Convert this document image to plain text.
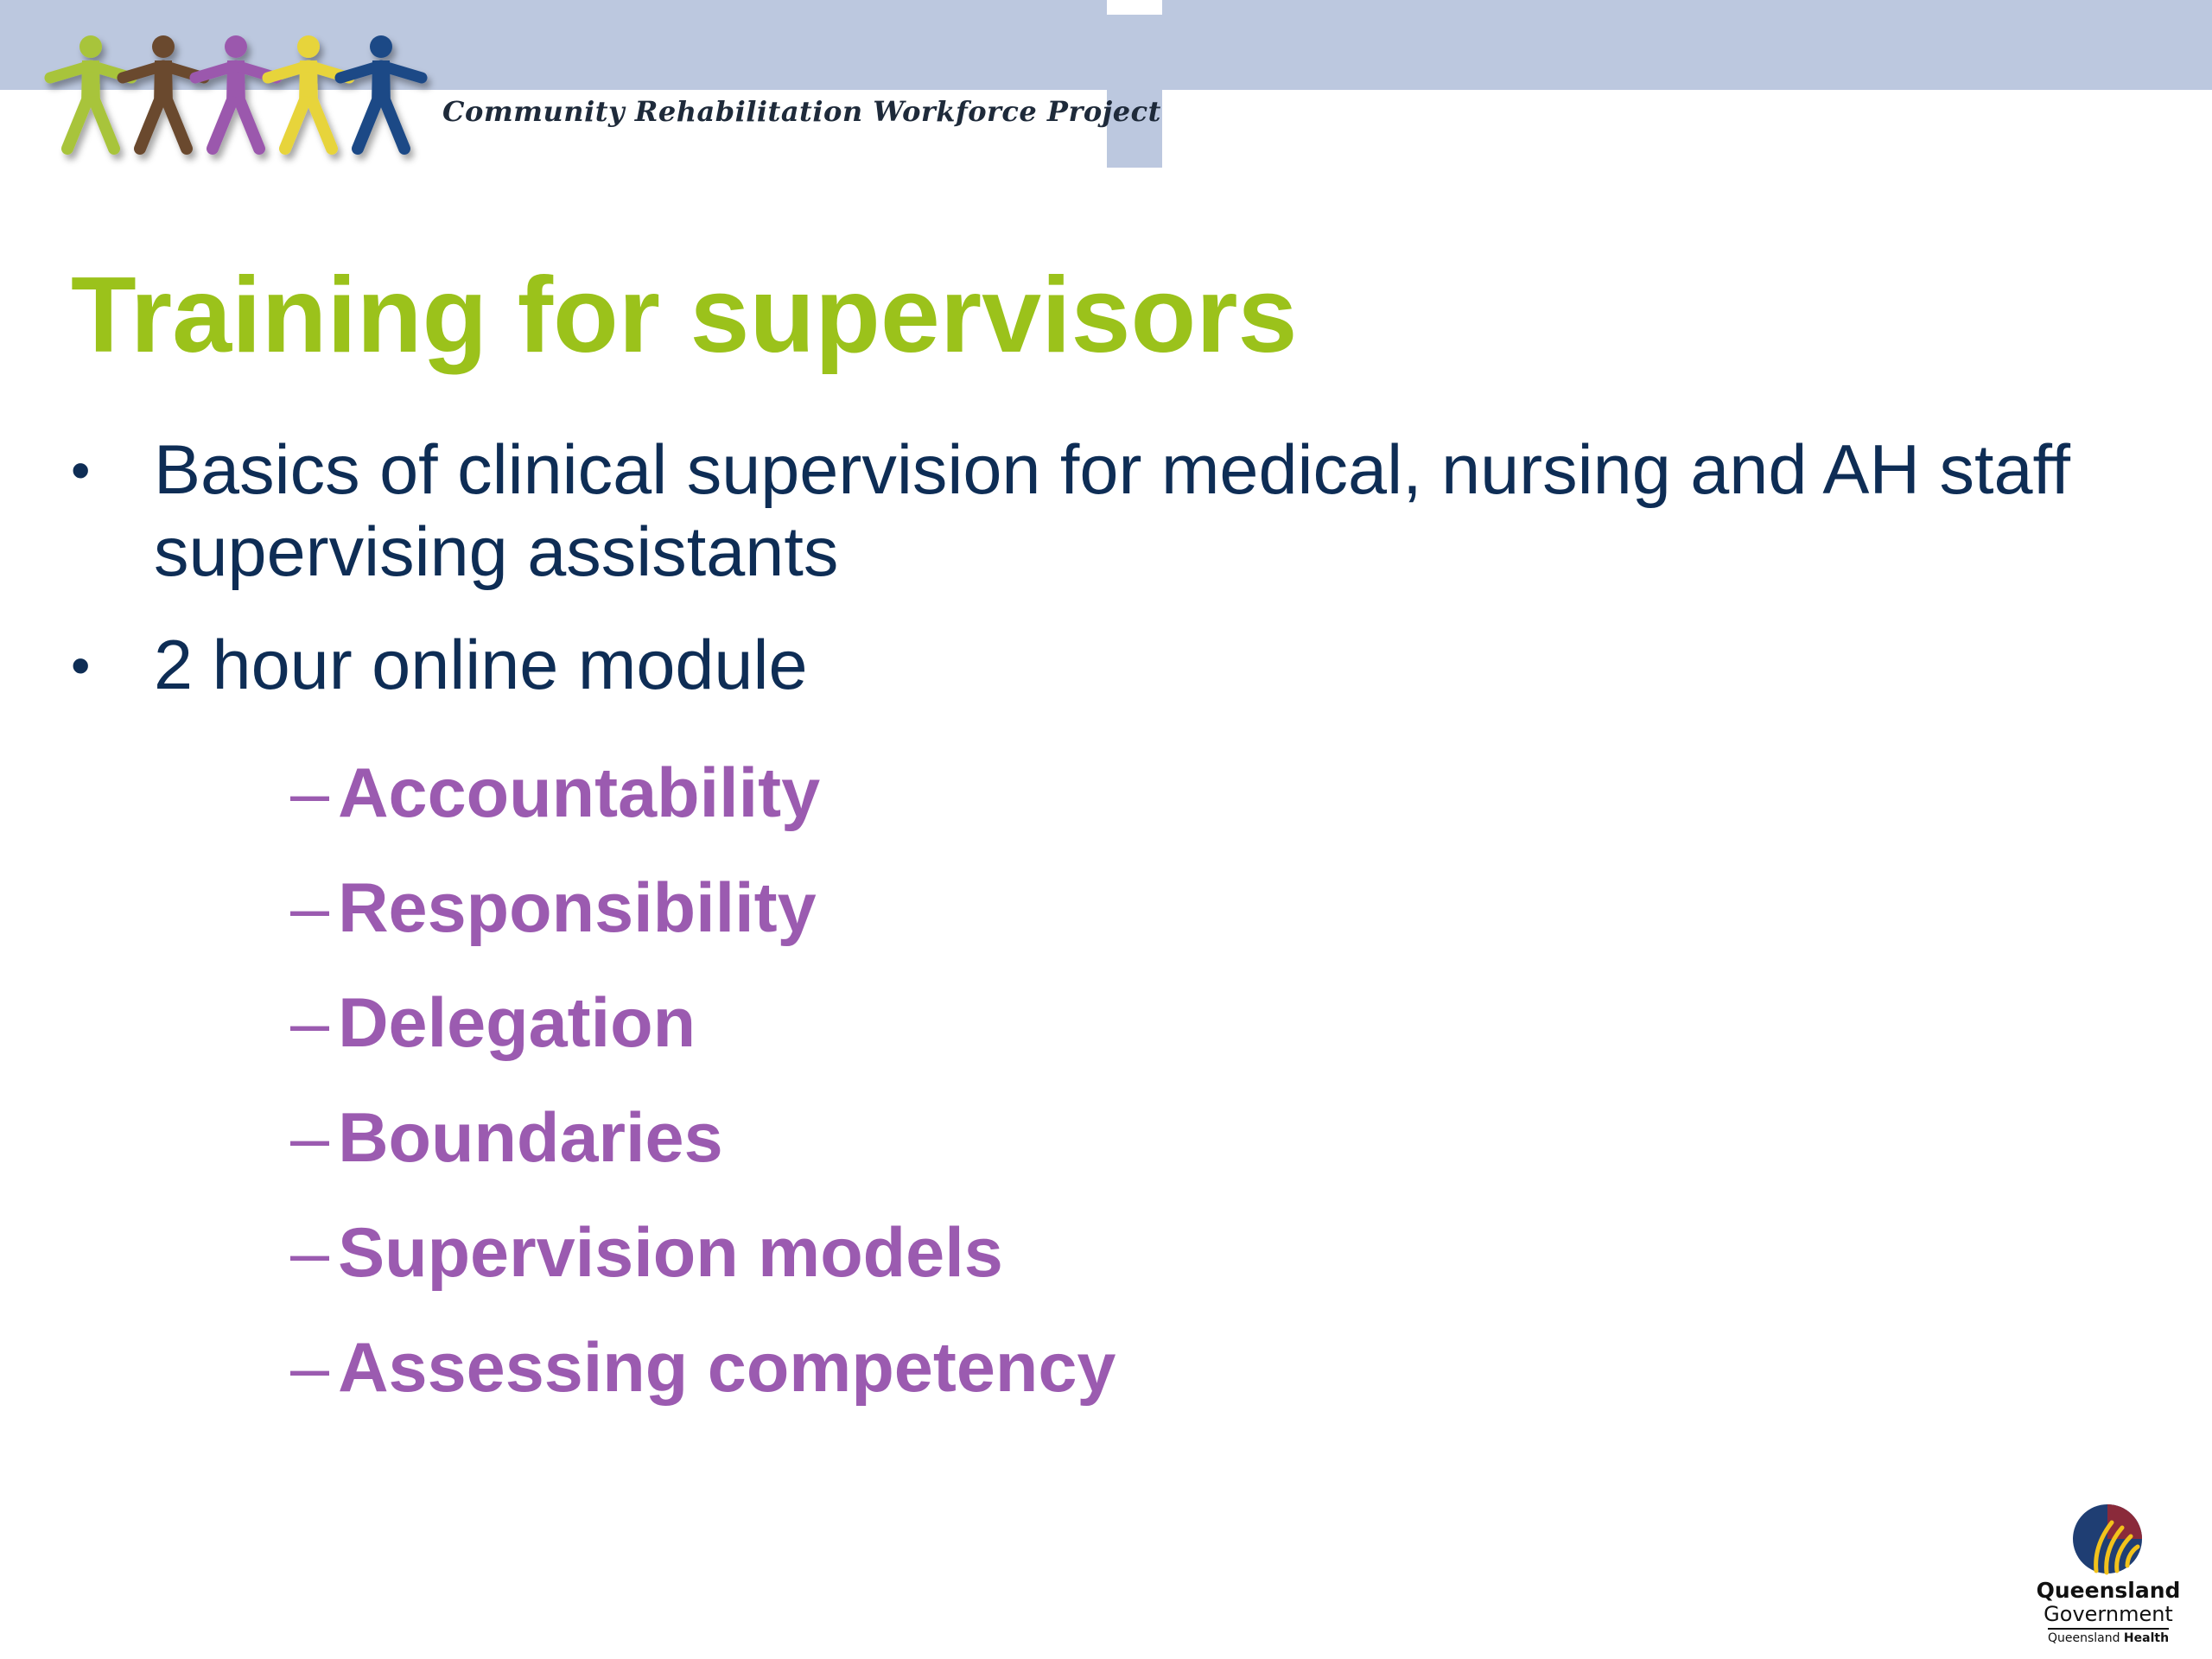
Community Rehabilitation Workforce Project
Training for supervisors
• Basics of clinical supervision for medical, nursing and AH staff supervising assistants
• 2 hour online module
– Accountability
– Responsibility
– Delegation
– Boundaries
– Supervision models
– Assessing competency
Queensland
Government
Queensland Health
